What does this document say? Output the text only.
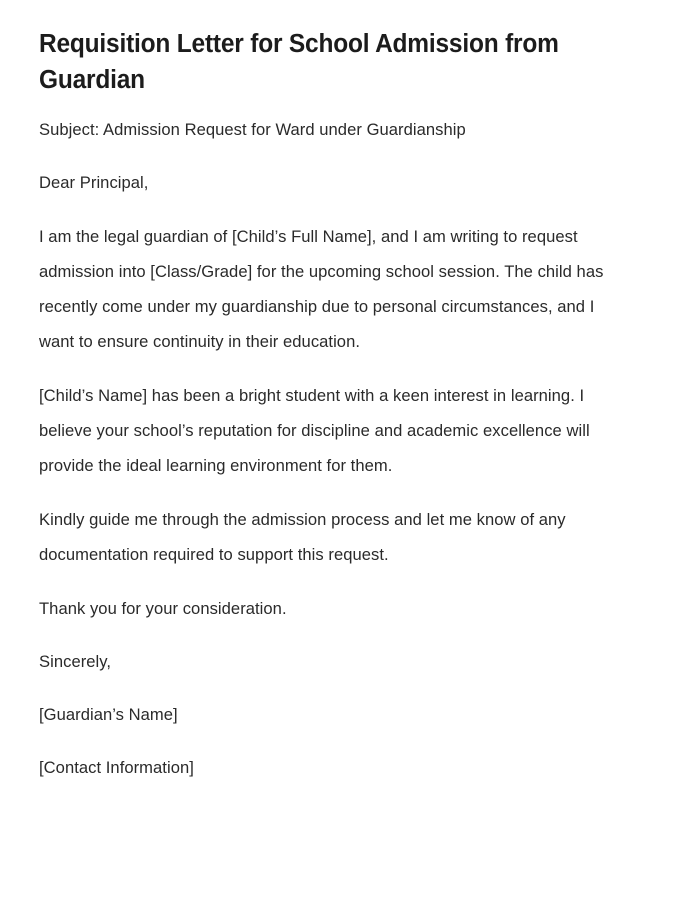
Requisition Letter for School Admission from Guardian

Subject: Admission Request for Ward under Guardianship

Dear Principal,

I am the legal guardian of [Child’s Full Name], and I am writing to request admission into [Class/Grade] for the upcoming school session. The child has recently come under my guardianship due to personal circumstances, and I want to ensure continuity in their education.

[Child’s Name] has been a bright student with a keen interest in learning. I believe your school’s reputation for discipline and academic excellence will provide the ideal learning environment for them.

Kindly guide me through the admission process and let me know of any documentation required to support this request.

Thank you for your consideration.

Sincerely,

[Guardian’s Name]

[Contact Information]
